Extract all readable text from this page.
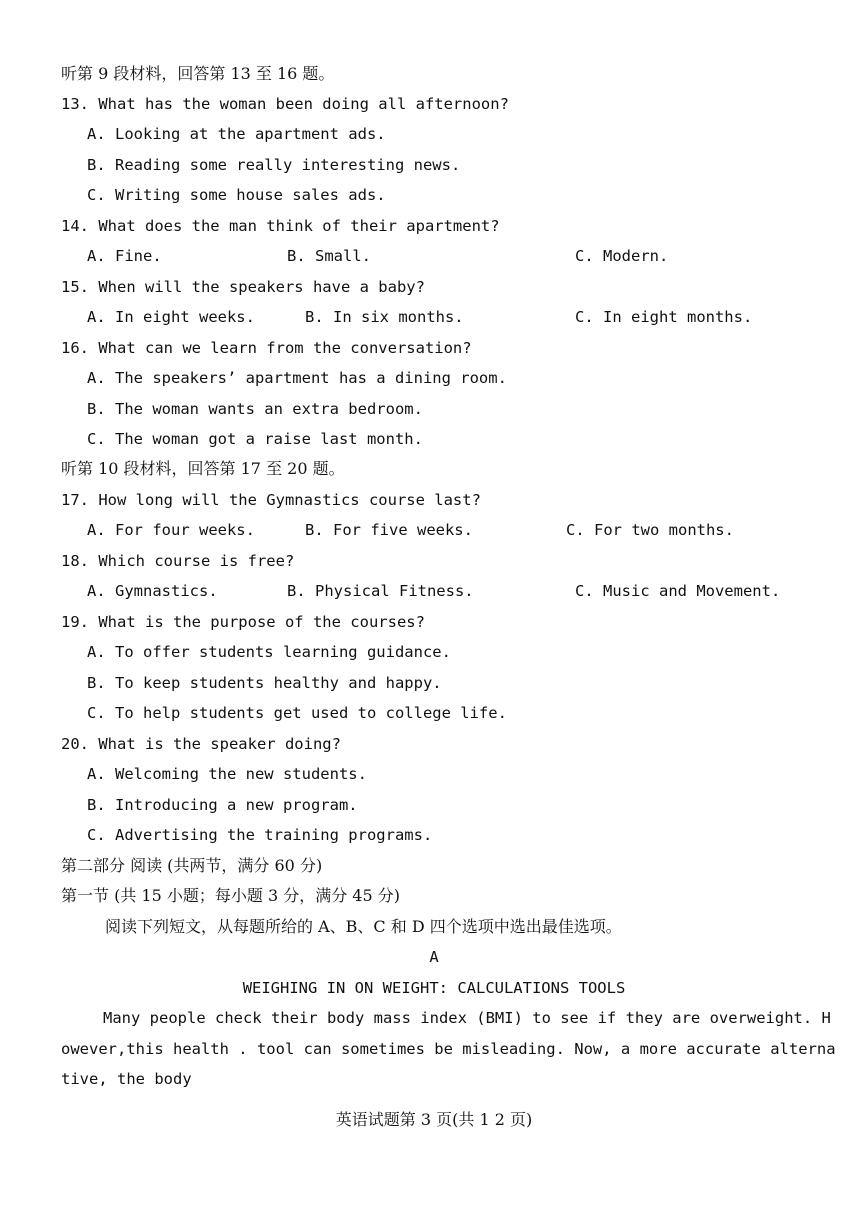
听第 9 段材料，回答第 13 至 16 题。
13. What has the woman been doing all afternoon?
A. Looking at the apartment ads.
B. Reading some really interesting news.
C. Writing some house sales ads.
14. What does the man think of their apartment?
A. Fine.	B. Small.	C. Modern.
15. When will the speakers have a baby?
A. In eight weeks.	B. In six months.	C. In eight months.
16. What can we learn from the conversation?
A. The speakers’ apartment has a dining room.
B. The woman wants an extra bedroom.
C. The woman got a raise last month.
听第 10 段材料，回答第 17 至 20 题。
17. How long will the Gymnastics course last?
A. For four weeks.	B. For five weeks.	C. For two months.
18. Which course is free?
A. Gymnastics.	B. Physical Fitness.	C. Music and Movement.
19. What is the purpose of the courses?
A. To offer students learning guidance.
B. To keep students healthy and happy.
C. To help students get used to college life.
20. What is the speaker doing?
A. Welcoming the new students.
B. Introducing a new program.
C. Advertising the training programs.
第二部分 阅读 (共两节，满分 60 分)
第一节 (共 15 小题；每小题 3 分，满分 45 分)
阅读下列短文，从每题所给的 A、B、C 和 D 四个选项中选出最佳选项。
A
WEIGHING IN ON WEIGHT: CALCULATIONS TOOLS
Many people check their body mass index (BMI) to see if they are overweight. H
owever,this health . tool can sometimes be misleading. Now, a more accurate alterna
tive, the body
英语试题第 3 页(共 1 2 页)
